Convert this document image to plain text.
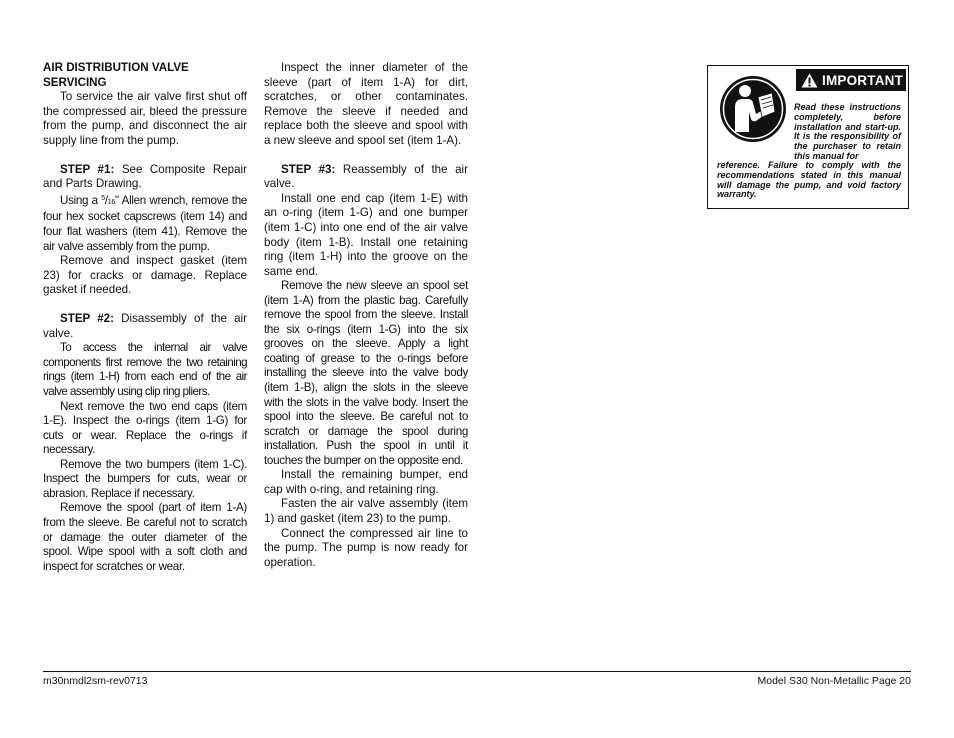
AIR DISTRIBUTION VALVE

SERVICING

To service the air valve first shut off the compressed air, bleed the pressure from the pump, and disconnect the air supply line from the pump.

STEP #1: See Composite Repair and Parts Drawing.

Using a $^5$/16" Allen wrench, remove the four hex socket capscrews (item 14) and four flat washers (item 41). Remove the air valve assembly from the pump.

Remove and inspect gasket (item 23) for cracks or damage. Replace gasket if needed.

STEP #2: Disassembly of the air valve.

To access the internal air valve components first remove the two retaining rings (item 1-H) from each end of the air valve assembly using clip ring pliers.

Next remove the two end caps (item 1-E). Inspect the o-rings (item 1-G) for cuts or wear. Replace the o-rings if necessary.

Remove the two bumpers (item 1-C). Inspect the bumpers for cuts, wear or abrasion. Replace if necessary.

Remove the spool (part of item 1-A) from the sleeve. Be careful not to scratch or damage the outer diameter of the spool. Wipe spool with a soft cloth and inspect for scratches or wear.

Inspect the inner diameter of the sleeve (part of item 1-A) for dirt, scratches, or other contaminates. Remove the sleeve if needed and replace both the sleeve and spool with a new sleeve and spool set (item 1-A).

STEP #3: Reassembly of the air valve.

Install one end cap (item 1-E) with an o-ring (item 1-G) and one bumper (item 1-C) into one end of the air valve body (item 1-B). Install one retaining ring (item 1-H) into the groove on the same end.

Remove the new sleeve an spool set (item 1-A) from the plastic bag. Carefully remove the spool from the sleeve. Install the six o-rings (item 1-G) into the six grooves on the sleeve. Apply a light coating of grease to the o-rings before installing the sleeve into the valve body (item 1-B), align the slots in the sleeve with the slots in the valve body. Insert the spool into the sleeve. Be careful not to scratch or damage the spool during installation. Push the spool in until it touches the bumper on the opposite end.

Install the remaining bumper, end cap with o-ring, and retaining ring.

Fasten the air valve assembly (item 1) and gasket (item 23) to the pump.

Connect the compressed air line to the pump. The pump is now ready for operation.

IMPORTANT

Read these instructions completely, before installation and start-up. It is the responsibility of the purchaser to retain this manual for

reference. Failure to comply with the recommendations stated in this manual will damage the pump, and void factory warranty.

m30nmdl2sm-rev0713	Model S30 Non-Metallic Page 20
